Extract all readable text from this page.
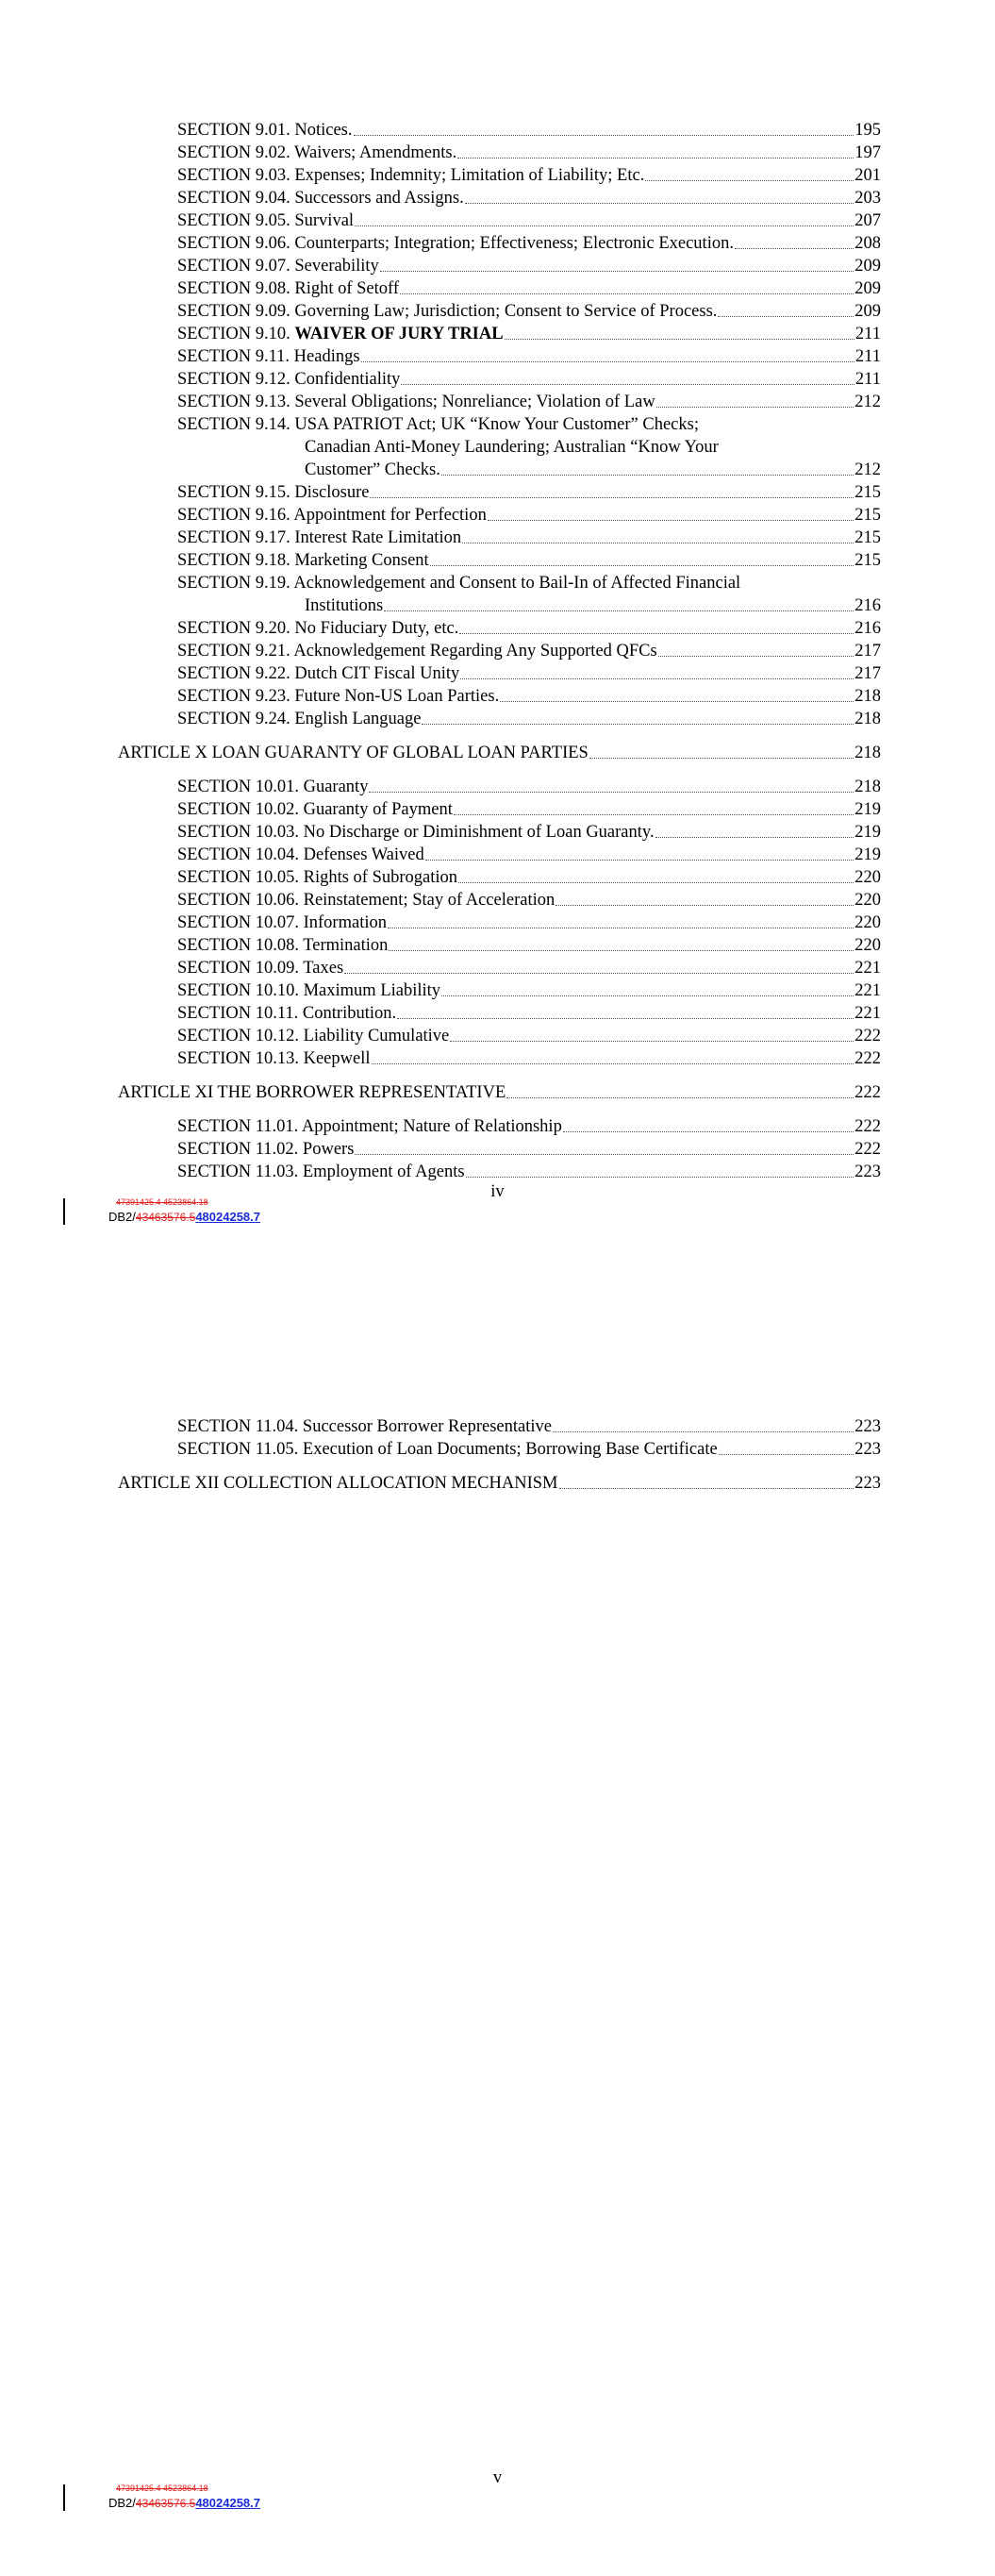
SECTION 9.01. Notices.	195
SECTION 9.02. Waivers; Amendments.	197
SECTION 9.03. Expenses; Indemnity; Limitation of Liability; Etc.	201
SECTION 9.04. Successors and Assigns.	203
SECTION 9.05. Survival	207
SECTION 9.06. Counterparts; Integration; Effectiveness; Electronic Execution.	208
SECTION 9.07. Severability	209
SECTION 9.08. Right of Setoff	209
SECTION 9.09. Governing Law; Jurisdiction; Consent to Service of Process.	209
SECTION 9.10. WAIVER OF JURY TRIAL	211
SECTION 9.11. Headings	211
SECTION 9.12. Confidentiality	211
SECTION 9.13. Several Obligations; Nonreliance; Violation of Law	212
SECTION 9.14. USA PATRIOT Act; UK “Know Your Customer” Checks;
Canadian Anti-Money Laundering; Australian “Know Your
Customer” Checks.	212
SECTION 9.15. Disclosure	215
SECTION 9.16. Appointment for Perfection	215
SECTION 9.17. Interest Rate Limitation	215
SECTION 9.18. Marketing Consent	215
SECTION 9.19. Acknowledgement and Consent to Bail-In of Affected Financial
Institutions	216
SECTION 9.20. No Fiduciary Duty, etc.	216
SECTION 9.21. Acknowledgement Regarding Any Supported QFCs	217
SECTION 9.22. Dutch CIT Fiscal Unity	217
SECTION 9.23. Future Non-US Loan Parties.	218
SECTION 9.24. English Language	218
ARTICLE X LOAN GUARANTY OF GLOBAL LOAN PARTIES	218
SECTION 10.01. Guaranty	218
SECTION 10.02. Guaranty of Payment	219
SECTION 10.03. No Discharge or Diminishment of Loan Guaranty.	219
SECTION 10.04. Defenses Waived	219
SECTION 10.05. Rights of Subrogation	220
SECTION 10.06. Reinstatement; Stay of Acceleration	220
SECTION 10.07. Information	220
SECTION 10.08. Termination	220
SECTION 10.09. Taxes	221
SECTION 10.10. Maximum Liability	221
SECTION 10.11. Contribution.	221
SECTION 10.12. Liability Cumulative	222
SECTION 10.13. Keepwell	222
ARTICLE XI THE BORROWER REPRESENTATIVE	222
SECTION 11.01. Appointment; Nature of Relationship	222
SECTION 11.02. Powers	222
SECTION 11.03. Employment of Agents	223
iv
47391425.4 4523864.18
DB2/43463576.548024258.7
SECTION 11.04. Successor Borrower Representative	223
SECTION 11.05. Execution of Loan Documents; Borrowing Base Certificate	223
ARTICLE XII COLLECTION ALLOCATION MECHANISM	223
v
47391425.4 4523864.18
DB2/43463576.548024258.7
